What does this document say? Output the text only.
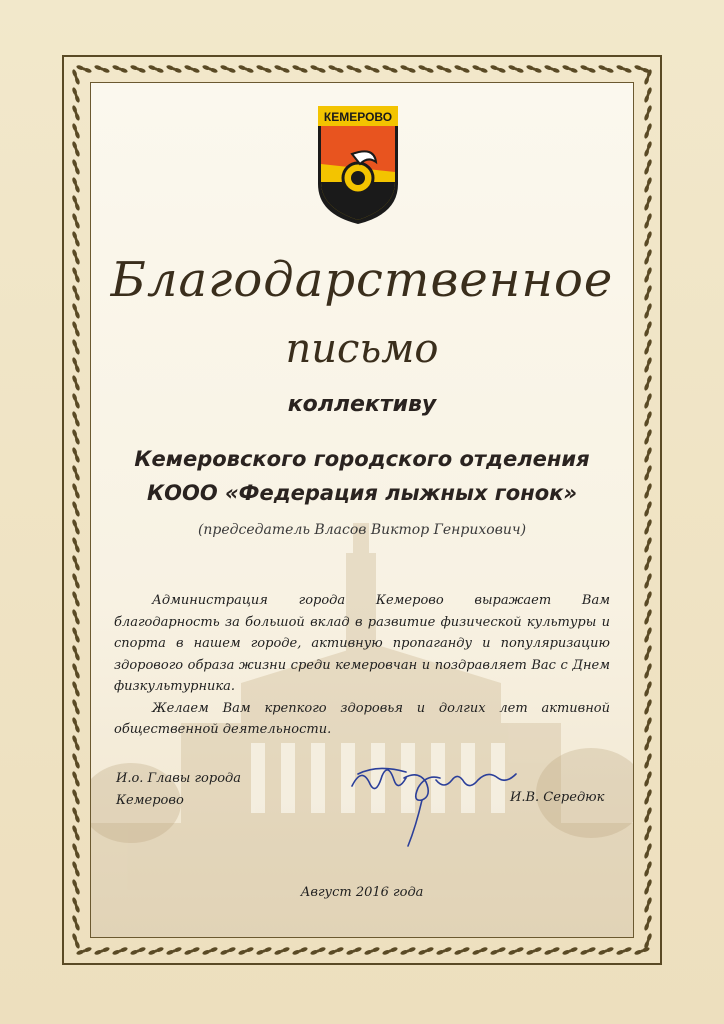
КЕМЕРОВО
Благодарственное
письмо
коллективу
Кемеровского городского отделения
КООО «Федерация лыжных гонок»
(председатель Власов Виктор Генрихович)

Администрация города Кемерово выражает Вам благодарность за большой вклад в развитие физической культуры и спорта в нашем городе, активную пропаганду и популяризацию здорового образа жизни среди кемеровчан и поздравляет Вас с Днем физкультурника.

Желаем Вам крепкого здоровья и долгих лет активной общественной деятельности.

И.о. Главы города
Кемерово	И.В. Середюк
Август 2016 года
